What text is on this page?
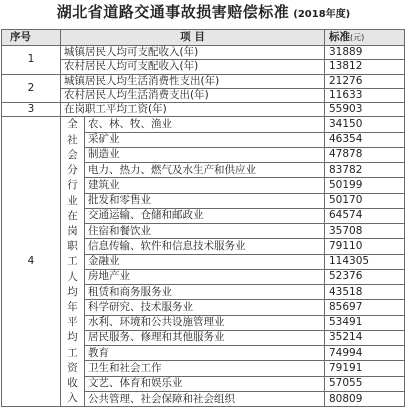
湖北省道路交通事故损害赔偿标准 (2018年度)
序号	项 目		标准(元)
1	城镇居民人均可支配收入(年)		31889
	农村居民人均可支配收入(年)		13812
2	城镇居民人均生活消费性支出(年)		21276
	农村居民人均生活消费支出(年)		11633
3	在岗职工平均工资(年)		55903
4	全社会分行业在岗职工人均年平均工资收入	农、林、牧、渔业	34150
		采矿业	46354
		制造业	47878
		电力、热力、燃气及水生产和供应业	83782
		建筑业	50199
		批发和零售业	50170
		交通运输、仓储和邮政业	64574
		住宿和餐饮业	35708
		信息传输、软件和信息技术服务业	79110
		金融业	114305
		房地产业	52376
		租赁和商务服务业	43518
		科学研究、技术服务业	85697
		水利、环境和公共设施管理业	53491
		居民服务、修理和其他服务业	35214
		教育	74994
		卫生和社会工作	79191
		文艺、体育和娱乐业	57055
		公共管理、社会保障和社会组织	80809
